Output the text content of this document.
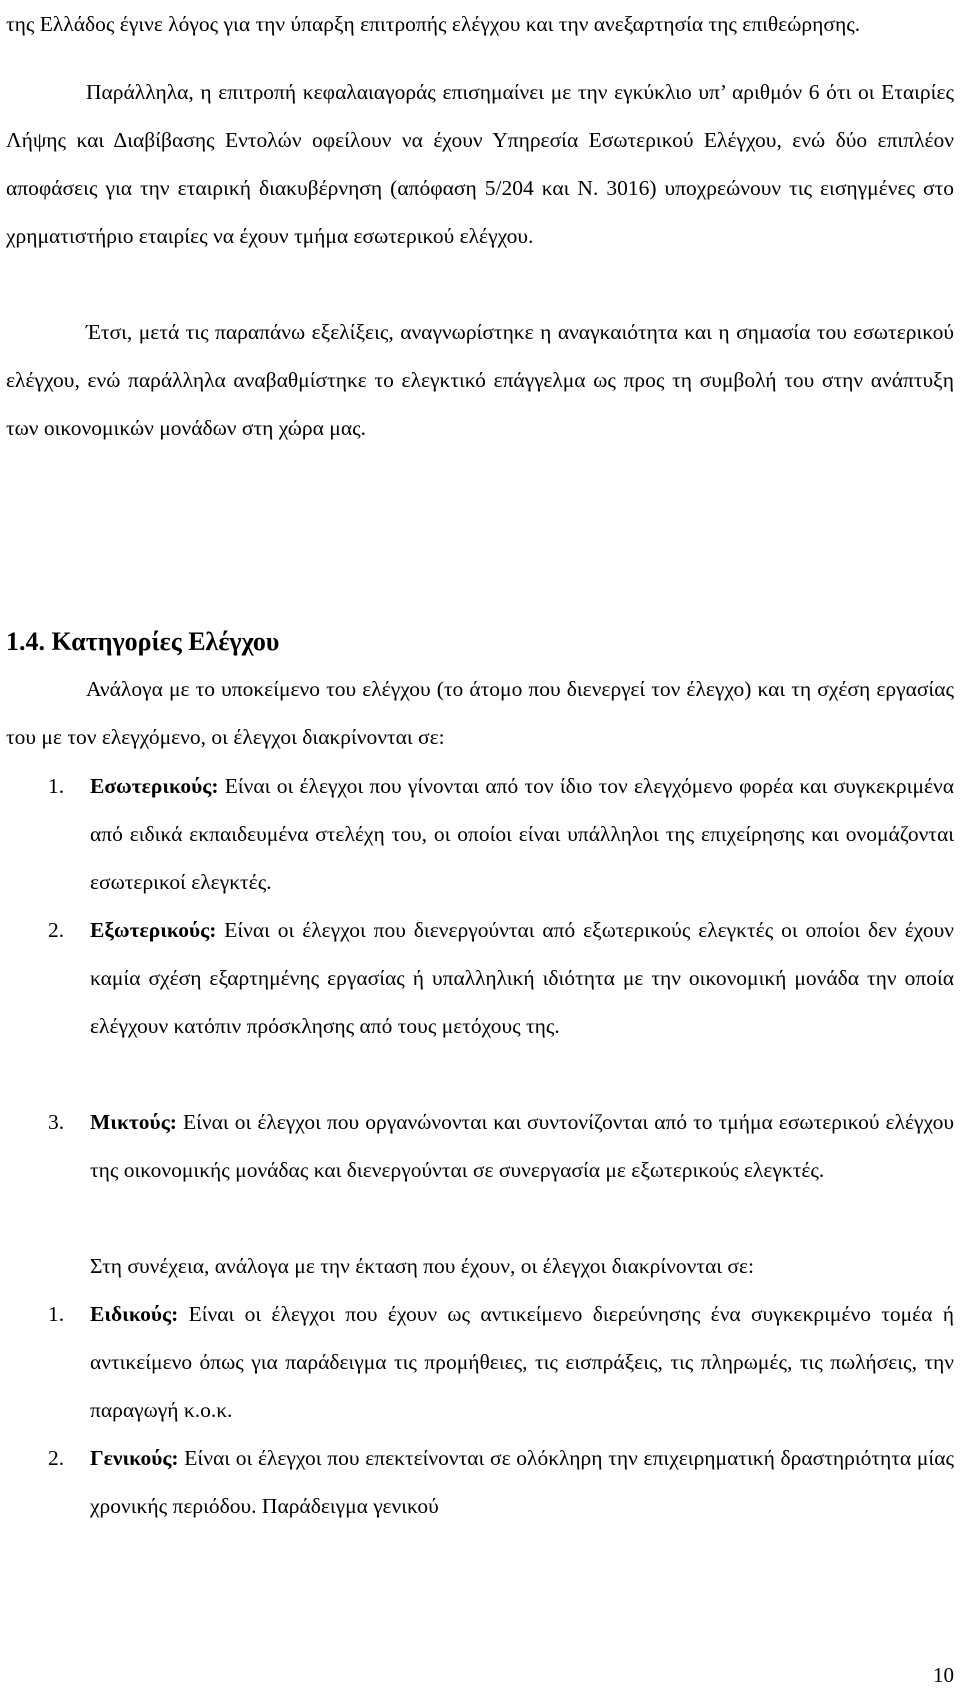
της Ελλάδος έγινε λόγος για την ύπαρξη επιτροπής ελέγχου και την ανεξαρτησία της επιθεώρησης.

Παράλληλα, η επιτροπή κεφαλαιαγοράς επισημαίνει με την εγκύκλιο υπ’ αριθμόν 6 ότι οι Εταιρίες Λήψης και Διαβίβασης Εντολών οφείλουν να έχουν Υπηρεσία Εσωτερικού Ελέγχου, ενώ δύο επιπλέον αποφάσεις για την εταιρική διακυβέρνηση (απόφαση 5/204 και Ν. 3016) υποχρεώνουν τις εισηγμένες στο χρηματιστήριο εταιρίες να έχουν τμήμα εσωτερικού ελέγχου.

Έτσι, μετά τις παραπάνω εξελίξεις, αναγνωρίστηκε η αναγκαιότητα και η σημασία του εσωτερικού ελέγχου, ενώ παράλληλα αναβαθμίστηκε το ελεγκτικό επάγγελμα ως προς τη συμβολή του στην ανάπτυξη των οικονομικών μονάδων στη χώρα μας.

1.4. Κατηγορίες Ελέγχου

Ανάλογα με το υποκείμενο του ελέγχου (το άτομο που διενεργεί τον έλεγχο) και τη σχέση εργασίας του με τον ελεγχόμενο, οι έλεγχοι διακρίνονται σε:

1. Εσωτερικούς: Είναι οι έλεγχοι που γίνονται από τον ίδιο τον ελεγχόμενο φορέα και συγκεκριμένα από ειδικά εκπαιδευμένα στελέχη του, οι οποίοι είναι υπάλληλοι της επιχείρησης και ονομάζονται εσωτερικοί ελεγκτές.
2. Εξωτερικούς: Είναι οι έλεγχοι που διενεργούνται από εξωτερικούς ελεγκτές οι οποίοι δεν έχουν καμία σχέση εξαρτημένης εργασίας ή υπαλληλική ιδιότητα με την οικονομική μονάδα την οποία ελέγχουν κατόπιν πρόσκλησης από τους μετόχους της.
3. Μικτούς: Είναι οι έλεγχοι που οργανώνονται και συντονίζονται από το τμήμα εσωτερικού ελέγχου της οικονομικής μονάδας και διενεργούνται σε συνεργασία με εξωτερικούς ελεγκτές.

Στη συνέχεια, ανάλογα με την έκταση που έχουν, οι έλεγχοι διακρίνονται σε:

1. Ειδικούς: Είναι οι έλεγχοι που έχουν ως αντικείμενο διερεύνησης ένα συγκεκριμένο τομέα ή αντικείμενο όπως για παράδειγμα τις προμήθειες, τις εισπράξεις, τις πληρωμές, τις πωλήσεις, την παραγωγή κ.ο.κ.
2. Γενικούς: Είναι οι έλεγχοι που επεκτείνονται σε ολόκληρη την επιχειρηματική δραστηριότητα μίας χρονικής περιόδου. Παράδειγμα γενικού

10
